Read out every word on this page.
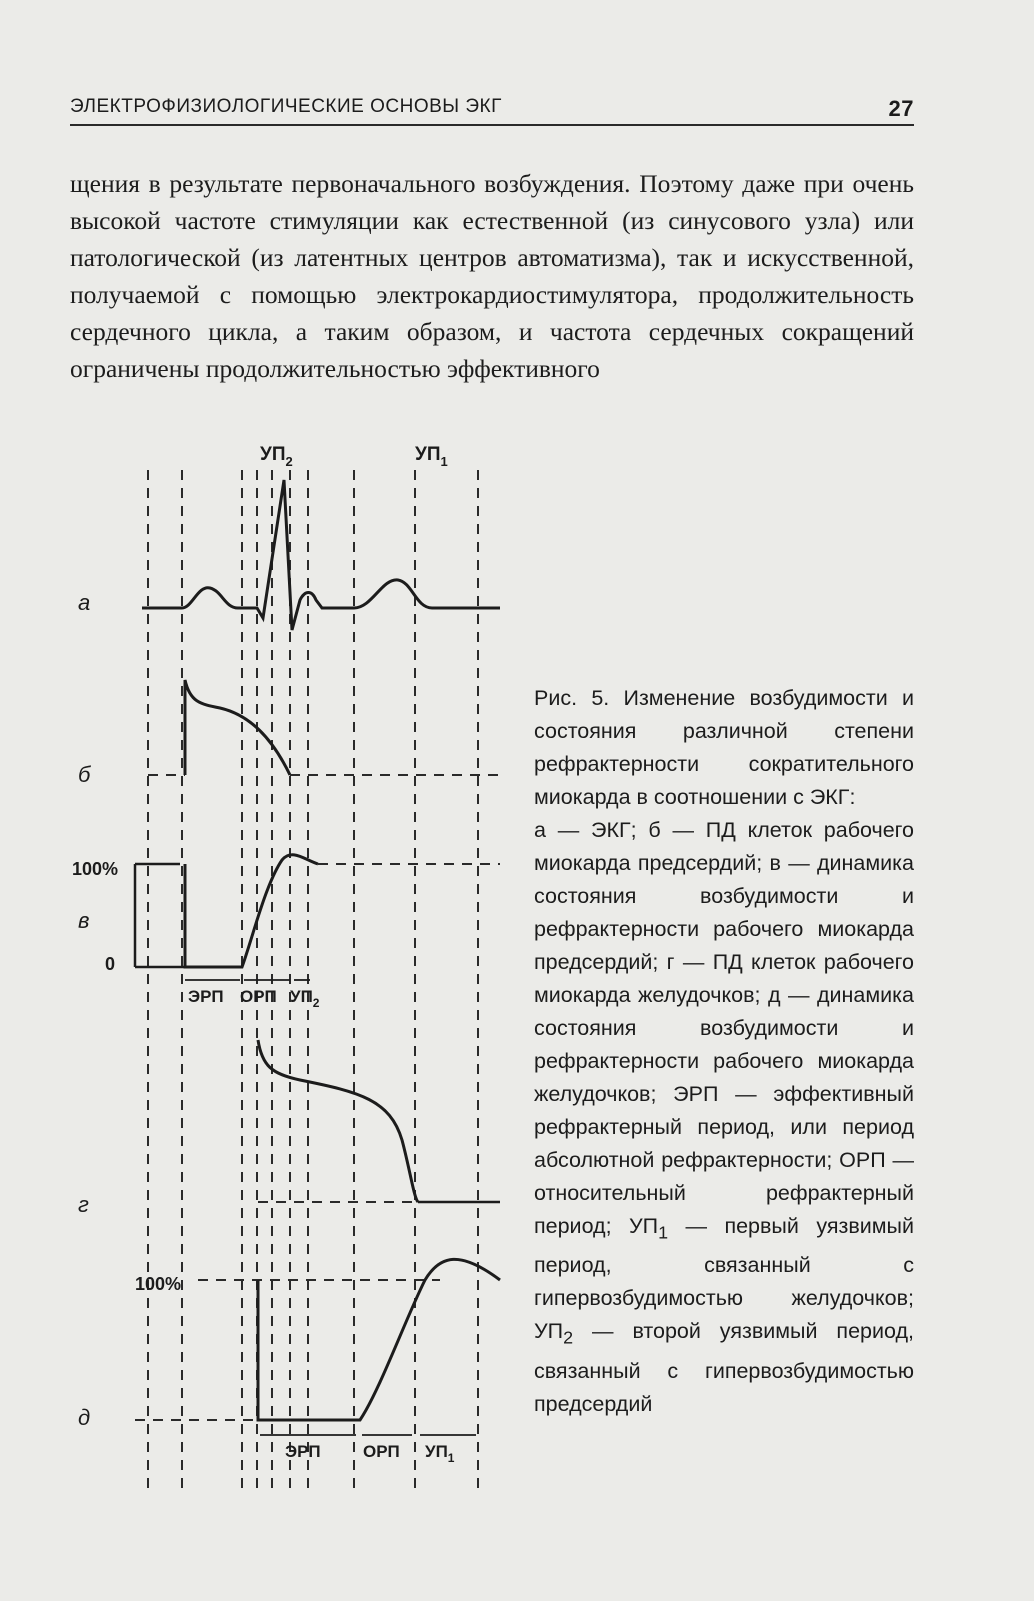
ЭЛЕКТРОФИЗИОЛОГИЧЕСКИЕ ОСНОВЫ ЭКГ	27

щения в результате первоначального возбуждения. Поэтому даже при очень высокой частоте стимуляции как естественной (из синусового узла) или патологической (из латентных центров автоматизма), так и искусственной, получаемой с помощью электрокардиостимулятора, продолжительность сердечного цикла, а таким образом, и частота сердечных сокращений ограничены продолжительностью эффективного

$УП_2$	$УП_1$
а
б
100%
0
в
ЭРП ОРП $УП_2$
г
100%
д
ЭРП ОРП $УП_1$

Рис. 5. Изменение возбудимости и состояния различной степени рефрактерности сократительного миокарда в соотношении с ЭКГ:

а — ЭКГ; б — ПД клеток рабочего миокарда предсердий; в — динамика состояния возбудимости и рефрактерности рабочего миокарда предсердий; г — ПД клеток рабочего миокарда желудочков; д — динамика состояния возбудимости и рефрактерности рабочего миокарда желудочков; ЭРП — эффективный рефрактерный период, или период абсолютной рефрактерности; ОРП — относительный рефрактерный период; $УП_1$ — первый уязвимый период, связанный с гипервозбудимостью желудочков; $УП_2$ — второй уязвимый период, связанный с гипервозбудимостью предсердий
